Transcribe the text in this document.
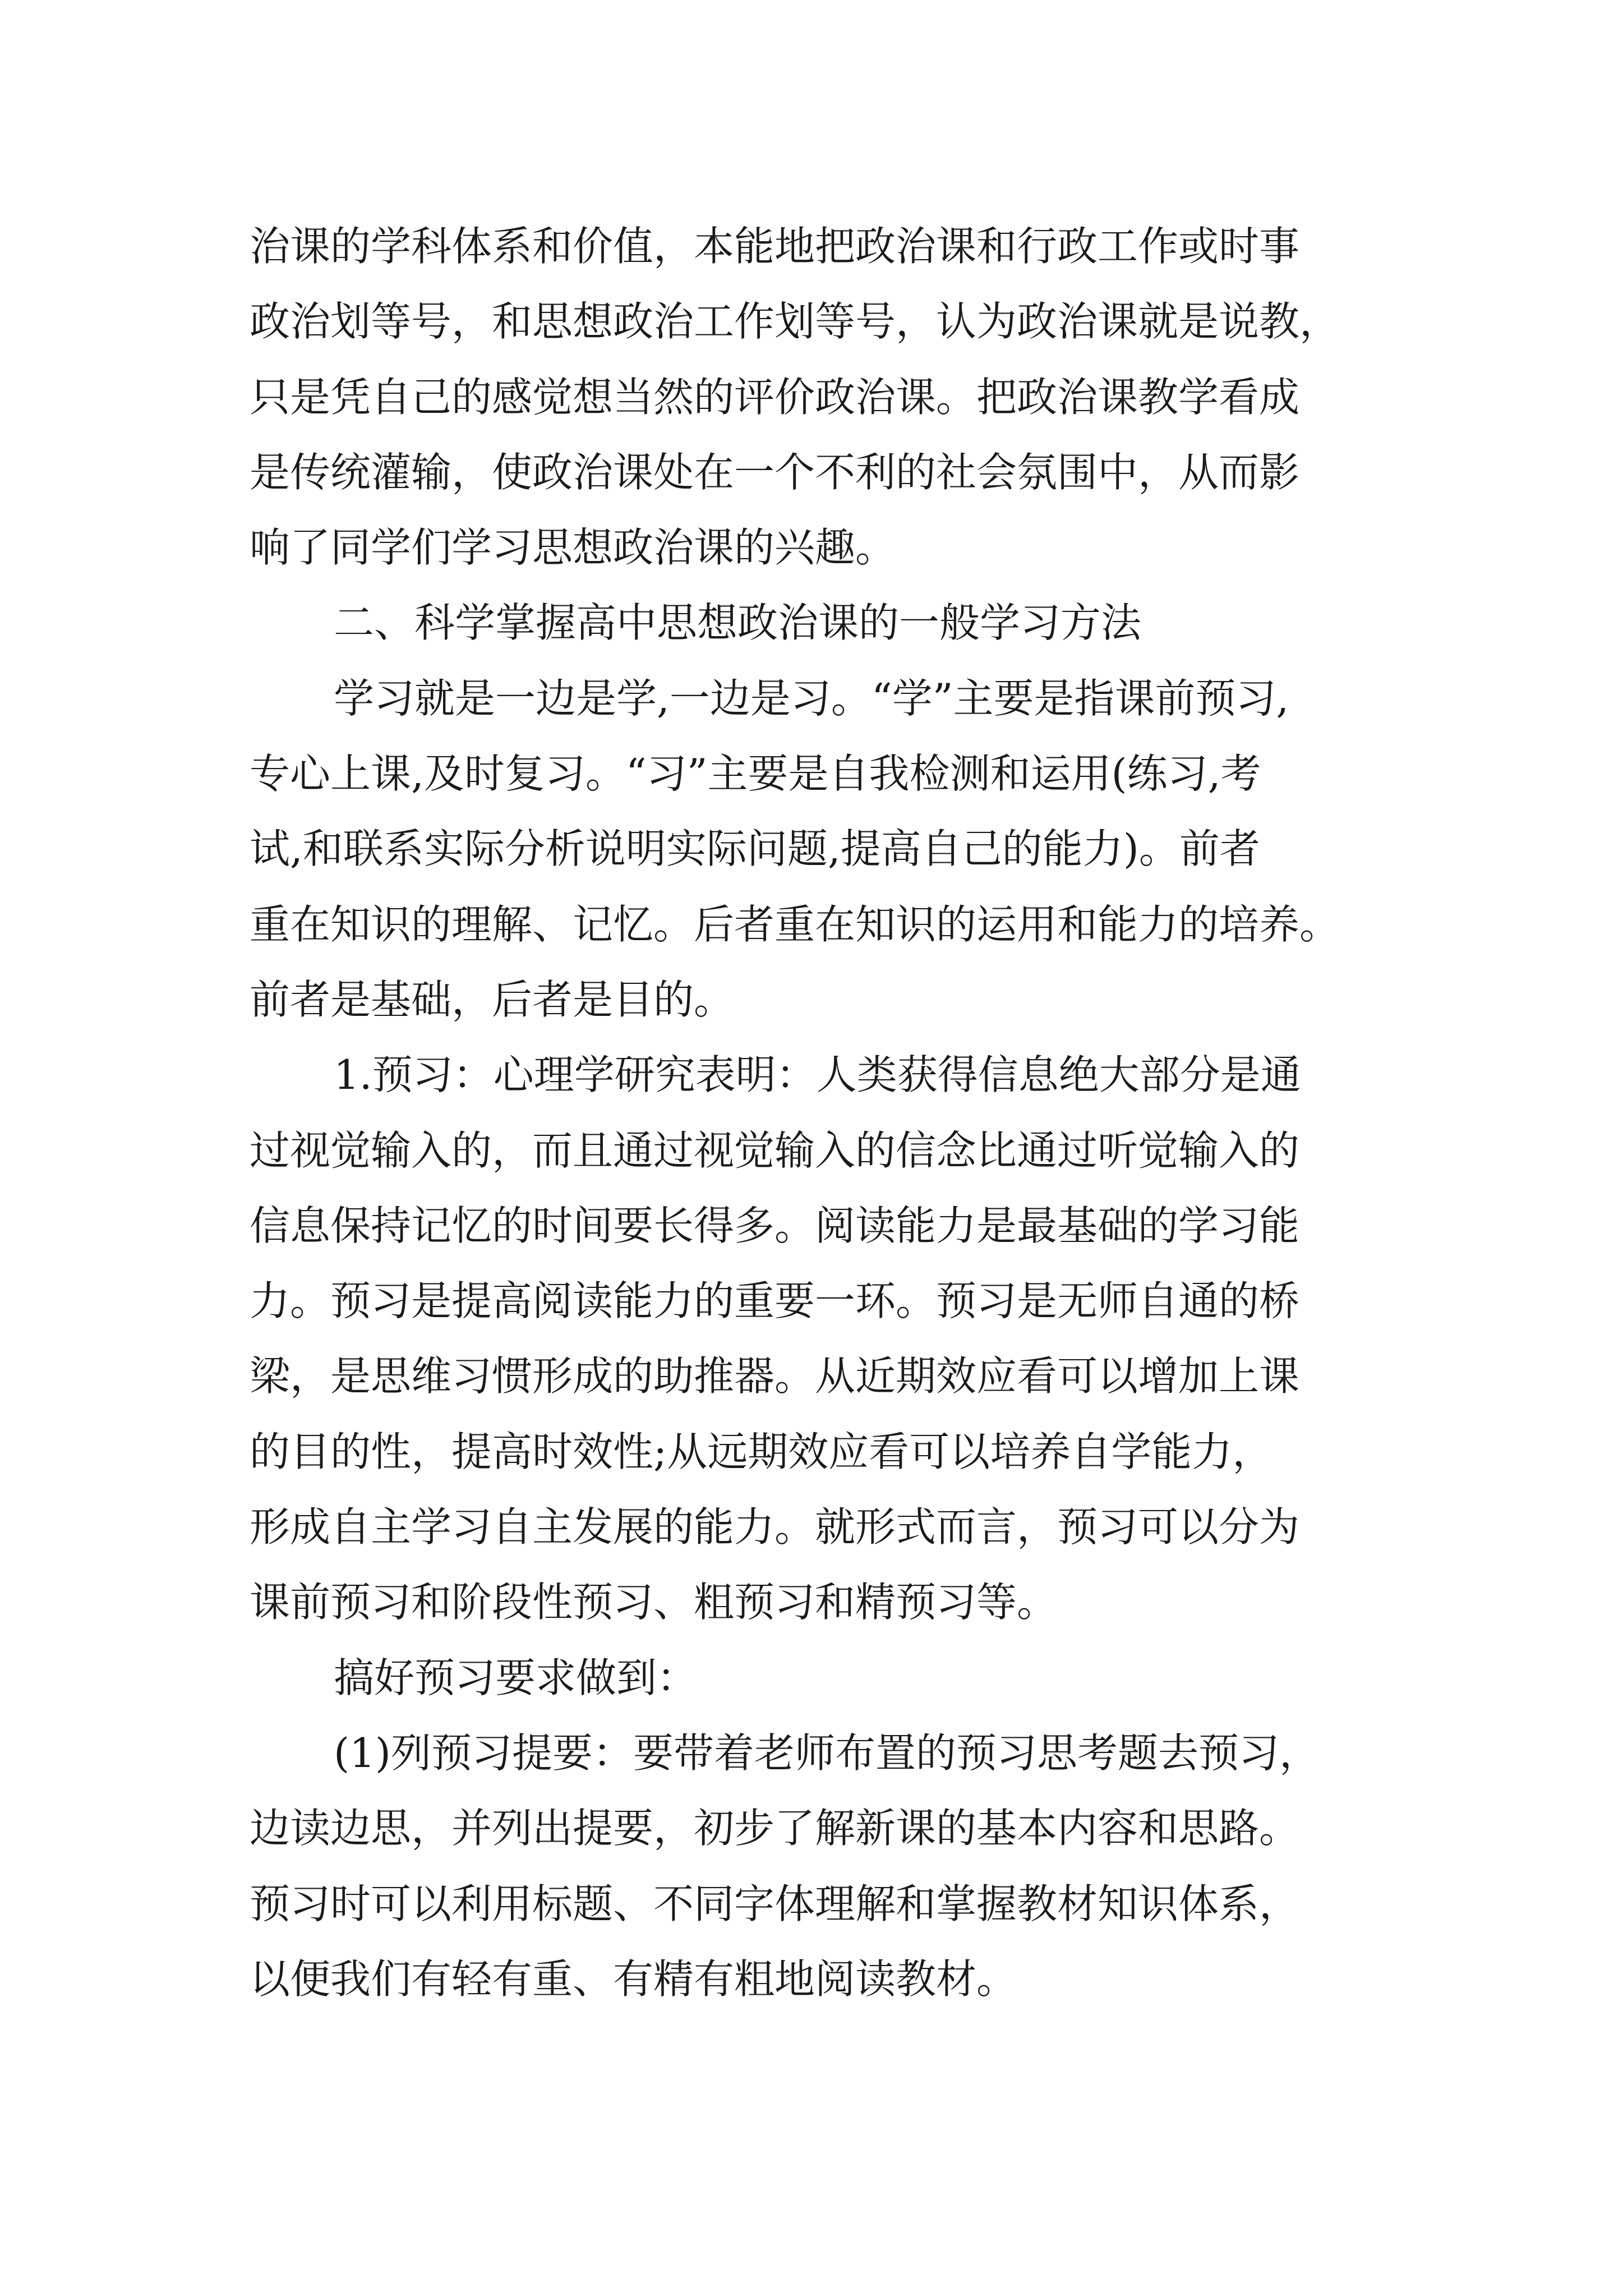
治课的学科体系和价值，本能地把政治课和行政工作或时事
政治划等号，和思想政治工作划等号，认为政治课就是说教，
只是凭自己的感觉想当然的评价政治课。把政治课教学看成
是传统灌输，使政治课处在一个不利的社会氛围中，从而影
响了同学们学习思想政治课的兴趣。
二、科学掌握高中思想政治课的一般学习方法
学习就是一边是学,一边是习。“学”主要是指课前预习,
专心上课,及时复习。“习”主要是自我检测和运用(练习,考
试,和联系实际分析说明实际问题,提高自己的能力)。前者
重在知识的理解、记忆。后者重在知识的运用和能力的培养。
前者是基础，后者是目的。
1.预习：心理学研究表明：人类获得信息绝大部分是通
过视觉输入的，而且通过视觉输入的信念比通过听觉输入的
信息保持记忆的时间要长得多。阅读能力是最基础的学习能
力。预习是提高阅读能力的重要一环。预习是无师自通的桥
梁，是思维习惯形成的助推器。从近期效应看可以增加上课
的目的性，提高时效性;从远期效应看可以培养自学能力，
形成自主学习自主发展的能力。就形式而言，预习可以分为
课前预习和阶段性预习、粗预习和精预习等。
搞好预习要求做到：
(1)列预习提要：要带着老师布置的预习思考题去预习，
边读边思，并列出提要，初步了解新课的基本内容和思路。
预习时可以利用标题、不同字体理解和掌握教材知识体系，
以便我们有轻有重、有精有粗地阅读教材。
